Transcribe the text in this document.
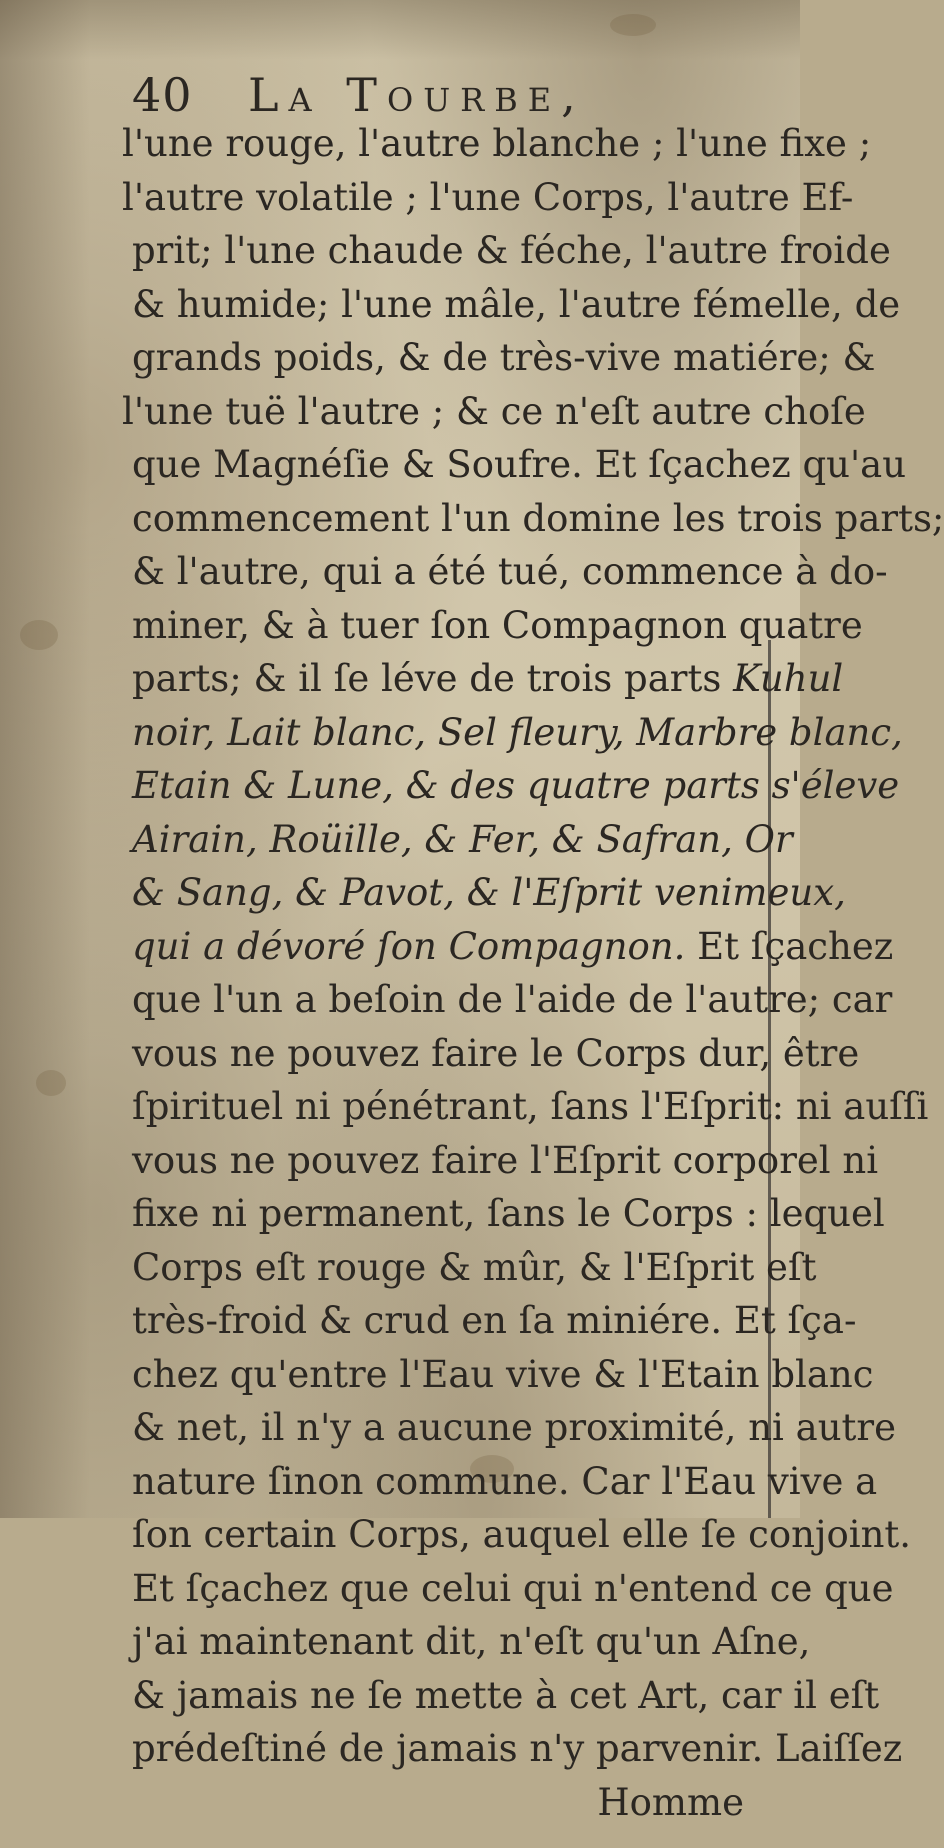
40 La Tourbe,
l'une rouge, l'autre blanche ; l'une fixe ;
l'autre volatile ; l'une Corps, l'autre Ef-
prit; l'une chaude & féche, l'autre froide
& humide; l'une mâle, l'autre fémelle, de
grands poids, & de très-vive matiére; &
l'une tuë l'autre ; & ce n'eſt autre choſe
que Magnéſie & Soufre. Et ſçachez qu'au
commencement l'un domine les trois parts;
& l'autre, qui a été tué, commence à do-
miner, & à tuer ſon Compagnon quatre
parts; & il ſe léve de trois parts Kuhul
noir, Lait blanc, Sel fleury, Marbre blanc,
Etain & Lune, & des quatre parts s'éleve
Airain, Roüille, & Fer, & Safran, Or
& Sang, & Pavot, & l'Eſprit venimeux,
qui a dévoré ſon Compagnon. Et ſçachez
que l'un a beſoin de l'aide de l'autre; car
vous ne pouvez faire le Corps dur, être
ſpirituel ni pénétrant, ſans l'Eſprit: ni auſſi
vous ne pouvez faire l'Eſprit corporel ni
fixe ni permanent, ſans le Corps : lequel
Corps eſt rouge & mûr, & l'Eſprit eſt
très-froid & crud en ſa miniére. Et ſça-
chez qu'entre l'Eau vive & l'Etain blanc
& net, il n'y a aucune proximité, ni autre
nature ſinon commune. Car l'Eau vive a
ſon certain Corps, auquel elle ſe conjoint.
Et ſçachez que celui qui n'entend ce que
j'ai maintenant dit, n'eſt qu'un Aſne,
& jamais ne ſe mette à cet Art, car il eſt
prédeſtiné de jamais n'y parvenir. Laiſſez
Homme
